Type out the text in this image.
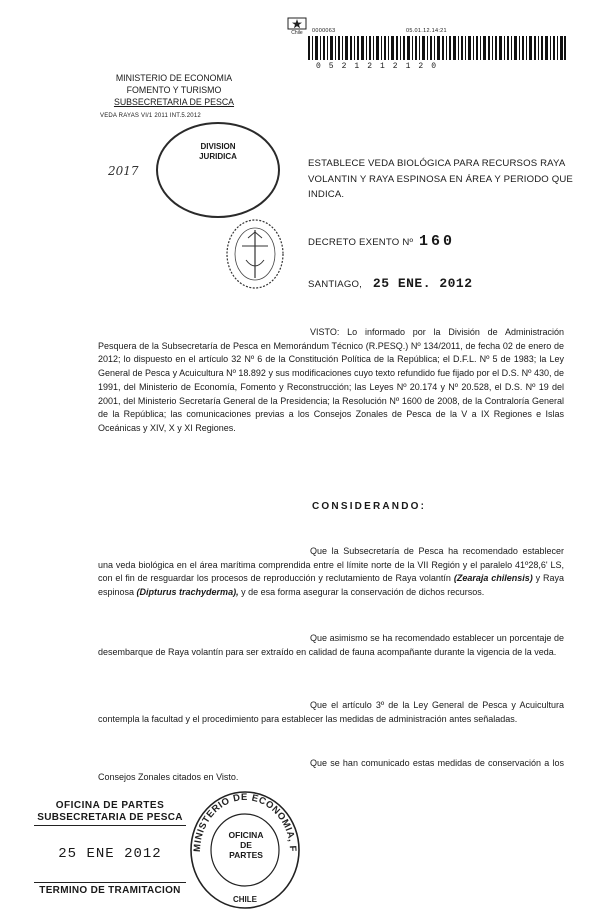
Chile	0000063	05.01.12.14:21
0 5 2 1 2 1 2 1 2 0
MINISTERIO DE ECONOMIA
FOMENTO Y TURISMO
SUBSECRETARIA DE PESCA
VEDA RAYAS VI/1 2011 INT.5.2012
DIVISION
JURIDICA
2017
ESTABLECE VEDA BIOLÓGICA PARA RECURSOS RAYA VOLANTIN Y RAYA ESPINOSA EN ÁREA Y PERIODO QUE INDICA.
DECRETO EXENTO Nº 160
SANTIAGO, 25 ENE. 2012
VISTO: Lo informado por la División de Administración Pesquera de la Subsecretaría de Pesca en Memorándum Técnico (R.PESQ.) Nº 134/2011, de fecha 02 de enero de 2012; lo dispuesto en el artículo 32 Nº 6 de la Constitución Política de la República; el D.F.L. Nº 5 de 1983; la Ley General de Pesca y Acuicultura Nº 18.892 y sus modificaciones cuyo texto refundido fue fijado por el D.S. Nº 430, de 1991, del Ministerio de Economía, Fomento y Reconstrucción; las Leyes Nº 20.174 y Nº 20.528, el D.S. Nº 19 del 2001, del Ministerio Secretaría General de la Presidencia; la Resolución Nº 1600 de 2008, de la Contraloría General de la República; las comunicaciones previas a los Consejos Zonales de Pesca de la V a IX Regiones e Islas Oceánicas y XIV, X y XI Regiones.
CONSIDERANDO:
Que la Subsecretaría de Pesca ha recomendado establecer una veda biológica en el área marítima comprendida entre el límite norte de la VII Región y el paralelo 41º28,6' LS, con el fin de resguardar los procesos de reproducción y reclutamiento de Raya volantín (Zearaja chilensis) y Raya espinosa (Dipturus trachyderma), y de esa forma asegurar la conservación de dichos recursos.
Que asimismo se ha recomendado establecer un porcentaje de desembarque de Raya volantín para ser extraído en calidad de fauna acompañante durante la vigencia de la veda.
Que el artículo 3º de la Ley General de Pesca y Acuicultura contempla la facultad y el procedimiento para establecer las medidas de administración antes señaladas.
Que se han comunicado estas medidas de conservación a los Consejos Zonales citados en Visto.
OFICINA DE PARTES
SUBSECRETARIA DE PESCA
25 ENE 2012
TERMINO DE TRAMITACION
MINISTERIO DE ECONOMIA, F
CHILE
OFICINA
DE PARTES
